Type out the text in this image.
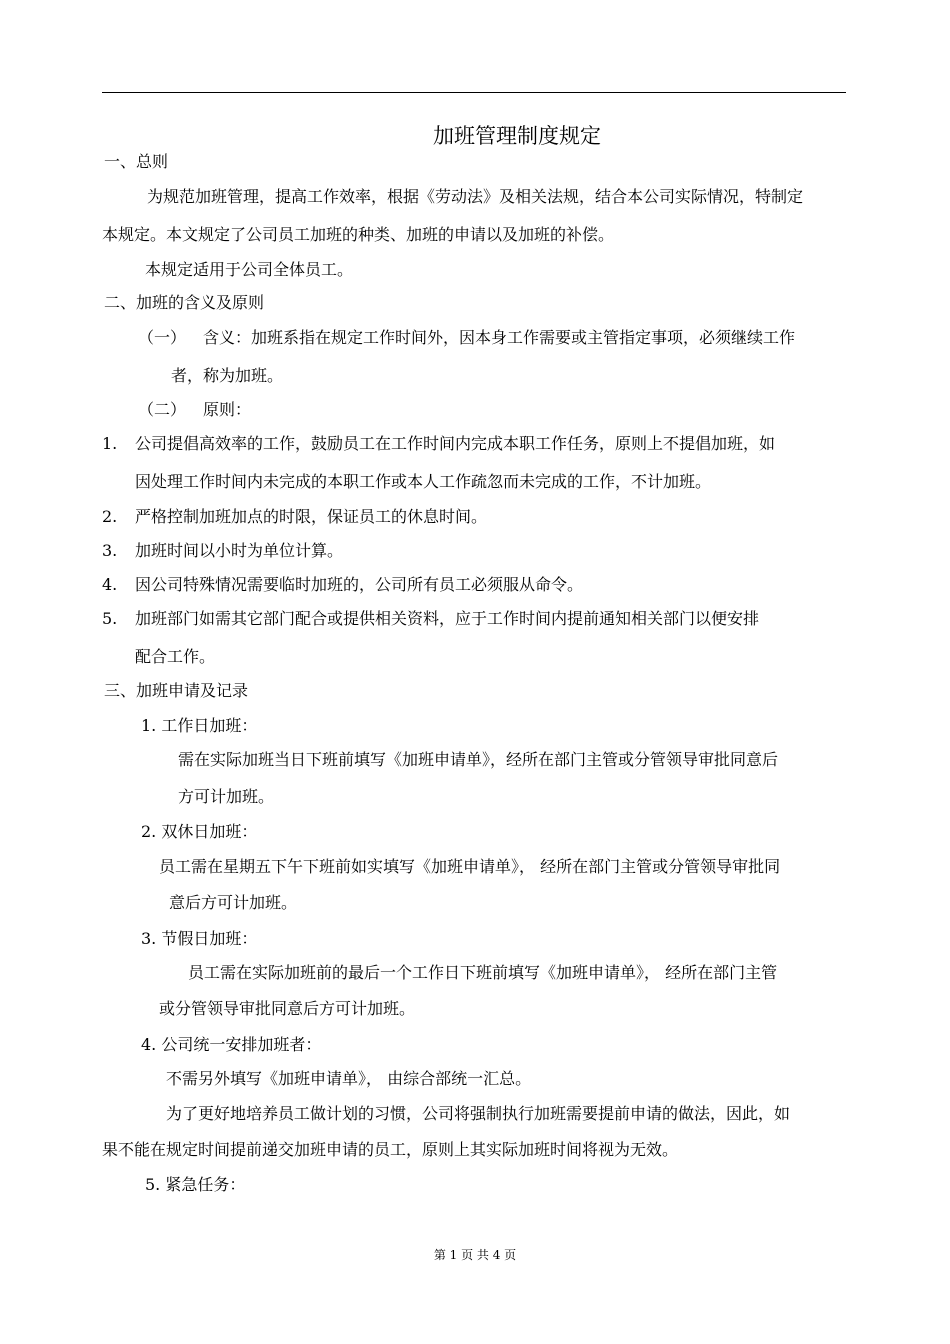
加班管理制度规定
一、总则
为规范加班管理，提高工作效率，根据《劳动法》及相关法规，结合本公司实际情况，特制定
本规定。本文规定了公司员工加班的种类、加班的申请以及加班的补偿。
本规定适用于公司全体员工。
二、加班的含义及原则
（一） 含义：加班系指在规定工作时间外，因本身工作需要或主管指定事项，必须继续工作
者，称为加班。
（二） 原则：
1. 公司提倡高效率的工作，鼓励员工在工作时间内完成本职工作任务，原则上不提倡加班，如
因处理工作时间内未完成的本职工作或本人工作疏忽而未完成的工作，不计加班。
2. 严格控制加班加点的时限，保证员工的休息时间。
3. 加班时间以小时为单位计算。
4. 因公司特殊情况需要临时加班的，公司所有员工必须服从命令。
5. 加班部门如需其它部门配合或提供相关资料，应于工作时间内提前通知相关部门以便安排
配合工作。
三、加班申请及记录
1. 工作日加班：
需在实际加班当日下班前填写《加班申请单》，经所在部门主管或分管领导审批同意后
方可计加班。
2. 双休日加班：
员工需在星期五下午下班前如实填写《加班申请单》， 经所在部门主管或分管领导审批同
意后方可计加班。
3. 节假日加班：
员工需在实际加班前的最后一个工作日下班前填写《加班申请单》， 经所在部门主管
或分管领导审批同意后方可计加班。
4. 公司统一安排加班者：
不需另外填写《加班申请单》， 由综合部统一汇总。
为了更好地培养员工做计划的习惯，公司将强制执行加班需要提前申请的做法，因此，如
果不能在规定时间提前递交加班申请的员工，原则上其实际加班时间将视为无效。
5. 紧急任务：
第 1 页 共 4 页
